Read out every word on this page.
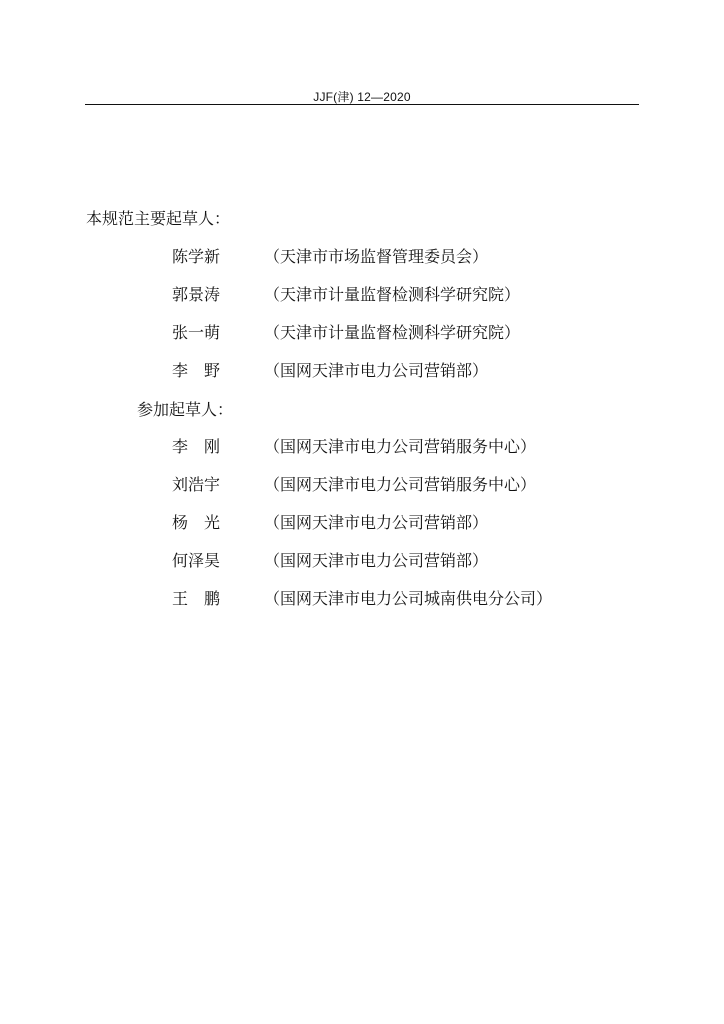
JJF(津) 12—2020
本规范主要起草人：
陈学新	（天津市市场监督管理委员会）
郭景涛	（天津市计量监督检测科学研究院）
张一萌	（天津市计量监督检测科学研究院）
李　野	（国网天津市电力公司营销部）
参加起草人：
李　刚	（国网天津市电力公司营销服务中心）
刘浩宇	（国网天津市电力公司营销服务中心）
杨　光	（国网天津市电力公司营销部）
何泽昊	（国网天津市电力公司营销部）
王　鹏	（国网天津市电力公司城南供电分公司）
